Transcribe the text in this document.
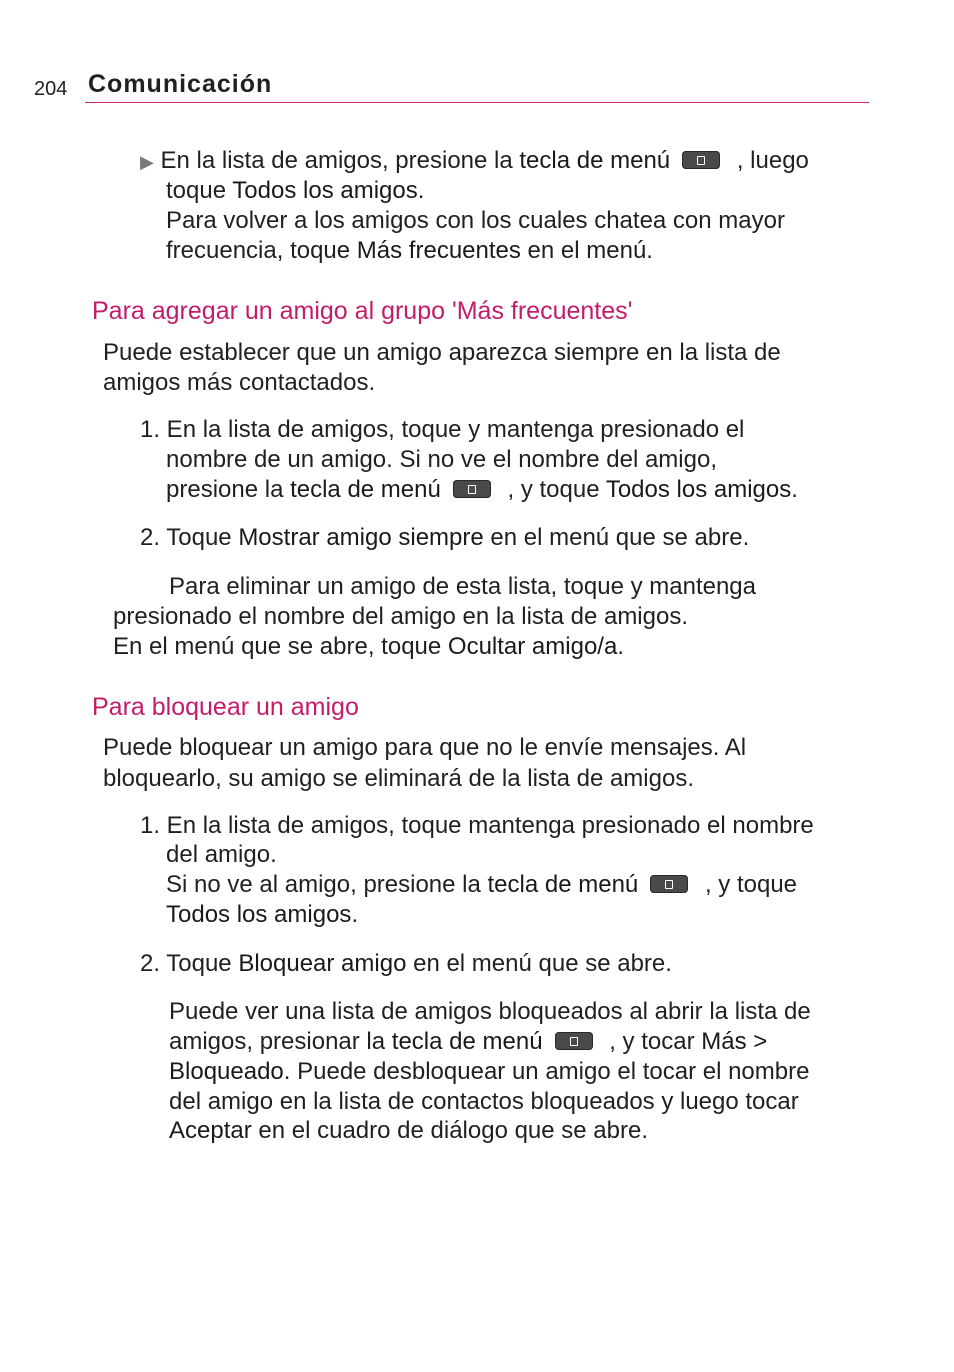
204 Comunicación
▶ En la lista de amigos, presione la tecla de menú	, luego
toque Todos los amigos.
Para volver a los amigos con los cuales chatea con mayor
frecuencia, toque Más frecuentes en el menú.
Para agregar un amigo al grupo 'Más frecuentes'
Puede establecer que un amigo aparezca siempre en la lista de
amigos más contactados.
1. En la lista de amigos, toque y mantenga presionado el
nombre de un amigo. Si no ve el nombre del amigo,
presione la tecla de menú	, y toque Todos los amigos.
2. Toque Mostrar amigo siempre en el menú que se abre.
Para eliminar un amigo de esta lista, toque y mantenga
presionado el nombre del amigo en la lista de amigos.
En el menú que se abre, toque Ocultar amigo/a.
Para bloquear un amigo
Puede bloquear un amigo para que no le envíe mensajes. Al
bloquearlo, su amigo se eliminará de la lista de amigos.
1. En la lista de amigos, toque mantenga presionado el nombre
del amigo.
Si no ve al amigo, presione la tecla de menú	, y toque
Todos los amigos.
2. Toque Bloquear amigo en el menú que se abre.
Puede ver una lista de amigos bloqueados al abrir la lista de
amigos, presionar la tecla de menú	, y tocar Más >
Bloqueado. Puede desbloquear un amigo el tocar el nombre
del amigo en la lista de contactos bloqueados y luego tocar
Aceptar en el cuadro de diálogo que se abre.
